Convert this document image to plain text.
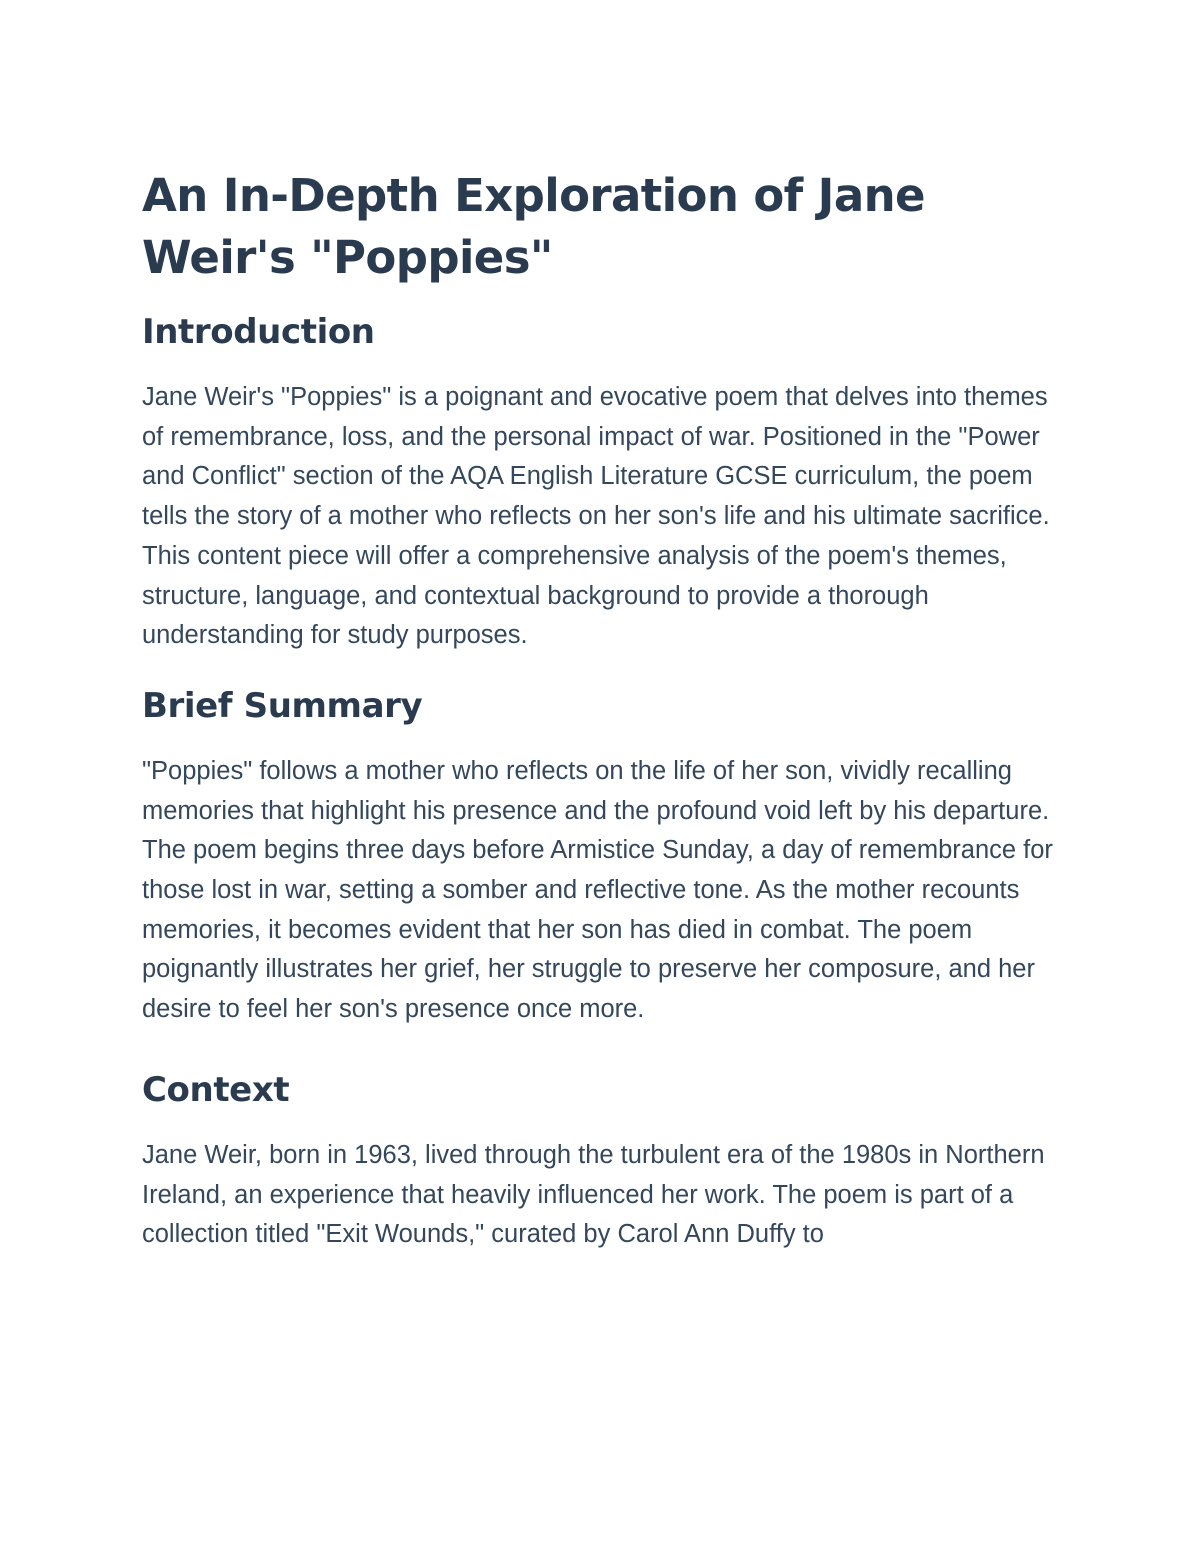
An In-Depth Exploration of Jane Weir's "Poppies"
Introduction

Jane Weir's "Poppies" is a poignant and evocative poem that delves into themes of remembrance, loss, and the personal impact of war. Positioned in the "Power and Conflict" section of the AQA English Literature GCSE curriculum, the poem tells the story of a mother who reflects on her son's life and his ultimate sacrifice. This content piece will offer a comprehensive analysis of the poem's themes, structure, language, and contextual background to provide a thorough understanding for study purposes.

Brief Summary

"Poppies" follows a mother who reflects on the life of her son, vividly recalling memories that highlight his presence and the profound void left by his departure. The poem begins three days before Armistice Sunday, a day of remembrance for those lost in war, setting a somber and reflective tone. As the mother recounts memories, it becomes evident that her son has died in combat. The poem poignantly illustrates her grief, her struggle to preserve her composure, and her desire to feel her son's presence once more.

Context

Jane Weir, born in 1963, lived through the turbulent era of the 1980s in Northern Ireland, an experience that heavily influenced her work. The poem is part of a collection titled "Exit Wounds," curated by Carol Ann Duffy to
